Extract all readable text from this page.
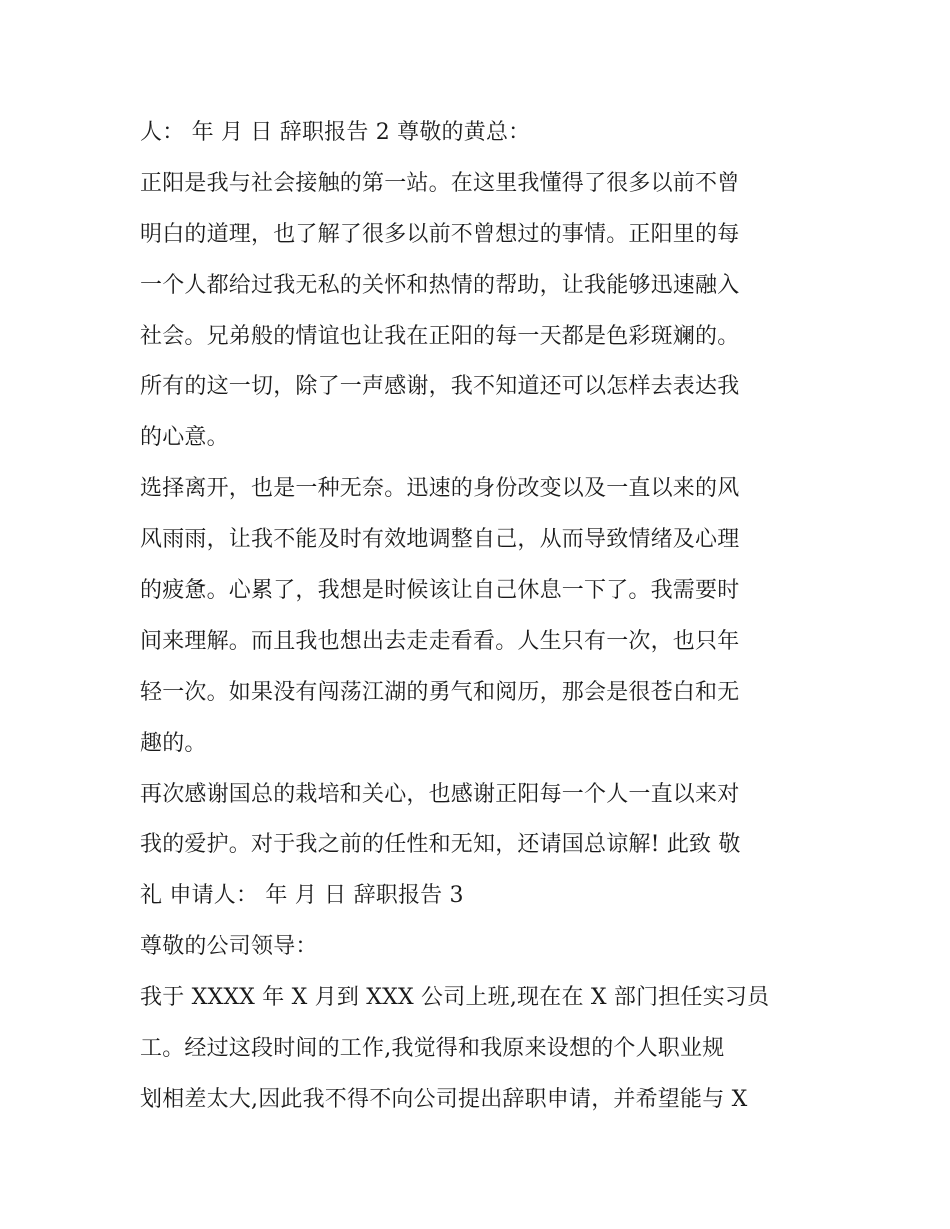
人： 年 月 日 辞职报告 2 尊敬的黄总：
正阳是我与社会接触的第一站。在这里我懂得了很多以前不曾
明白的道理，也了解了很多以前不曾想过的事情。正阳里的每
一个人都给过我无私的关怀和热情的帮助，让我能够迅速融入
社会。兄弟般的情谊也让我在正阳的每一天都是色彩斑斓的。
所有的这一切，除了一声感谢，我不知道还可以怎样去表达我
的心意。
选择离开，也是一种无奈。迅速的身份改变以及一直以来的风
风雨雨，让我不能及时有效地调整自己，从而导致情绪及心理
的疲惫。心累了，我想是时候该让自己休息一下了。我需要时
间来理解。而且我也想出去走走看看。人生只有一次，也只年
轻一次。如果没有闯荡江湖的勇气和阅历，那会是很苍白和无
趣的。
再次感谢国总的栽培和关心，也感谢正阳每一个人一直以来对
我的爱护。对于我之前的任性和无知，还请国总谅解! 此致 敬
礼 申请人： 年 月 日 辞职报告 3
尊敬的公司领导：
我于 XXXX 年 X 月到 XXX 公司上班,现在在 X 部门担任实习员
工。经过这段时间的工作,我觉得和我原来设想的个人职业规
划相差太大,因此我不得不向公司提出辞职申请，并希望能与 X
